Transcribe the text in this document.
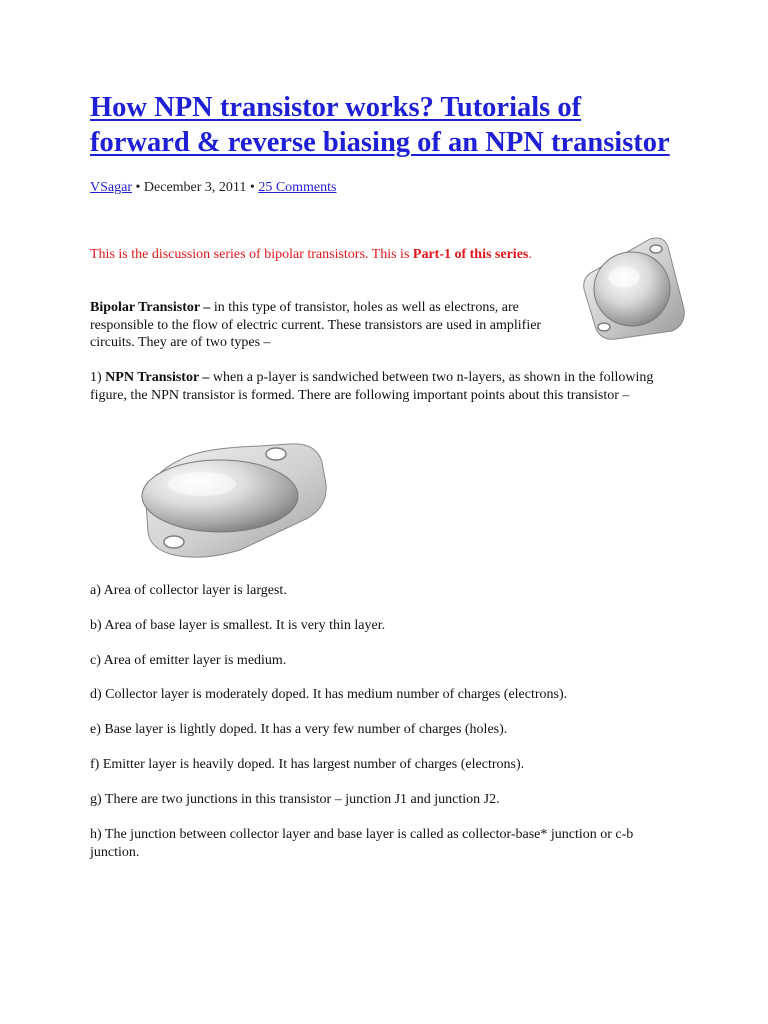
How NPN transistor works? Tutorials of forward & reverse biasing of an NPN transistor
VSagar • December 3, 2011 • 25 Comments

This is the discussion series of bipolar transistors. This is Part-1 of this series.

Bipolar Transistor – in this type of transistor, holes as well as electrons, are responsible to the flow of electric current. These transistors are used in amplifier circuits. They are of two types –

1) NPN Transistor – when a p-layer is sandwiched between two n-layers, as shown in the following figure, the NPN transistor is formed. There are following important points about this transistor –

a) Area of collector layer is largest.

b) Area of base layer is smallest. It is very thin layer.

c) Area of emitter layer is medium.

d) Collector layer is moderately doped. It has medium number of charges (electrons).

e) Base layer is lightly doped. It has a very few number of charges (holes).

f) Emitter layer is heavily doped. It has largest number of charges (electrons).

g) There are two junctions in this transistor – junction J1 and junction J2.

h) The junction between collector layer and base layer is called as collector-base* junction or c-b junction.
